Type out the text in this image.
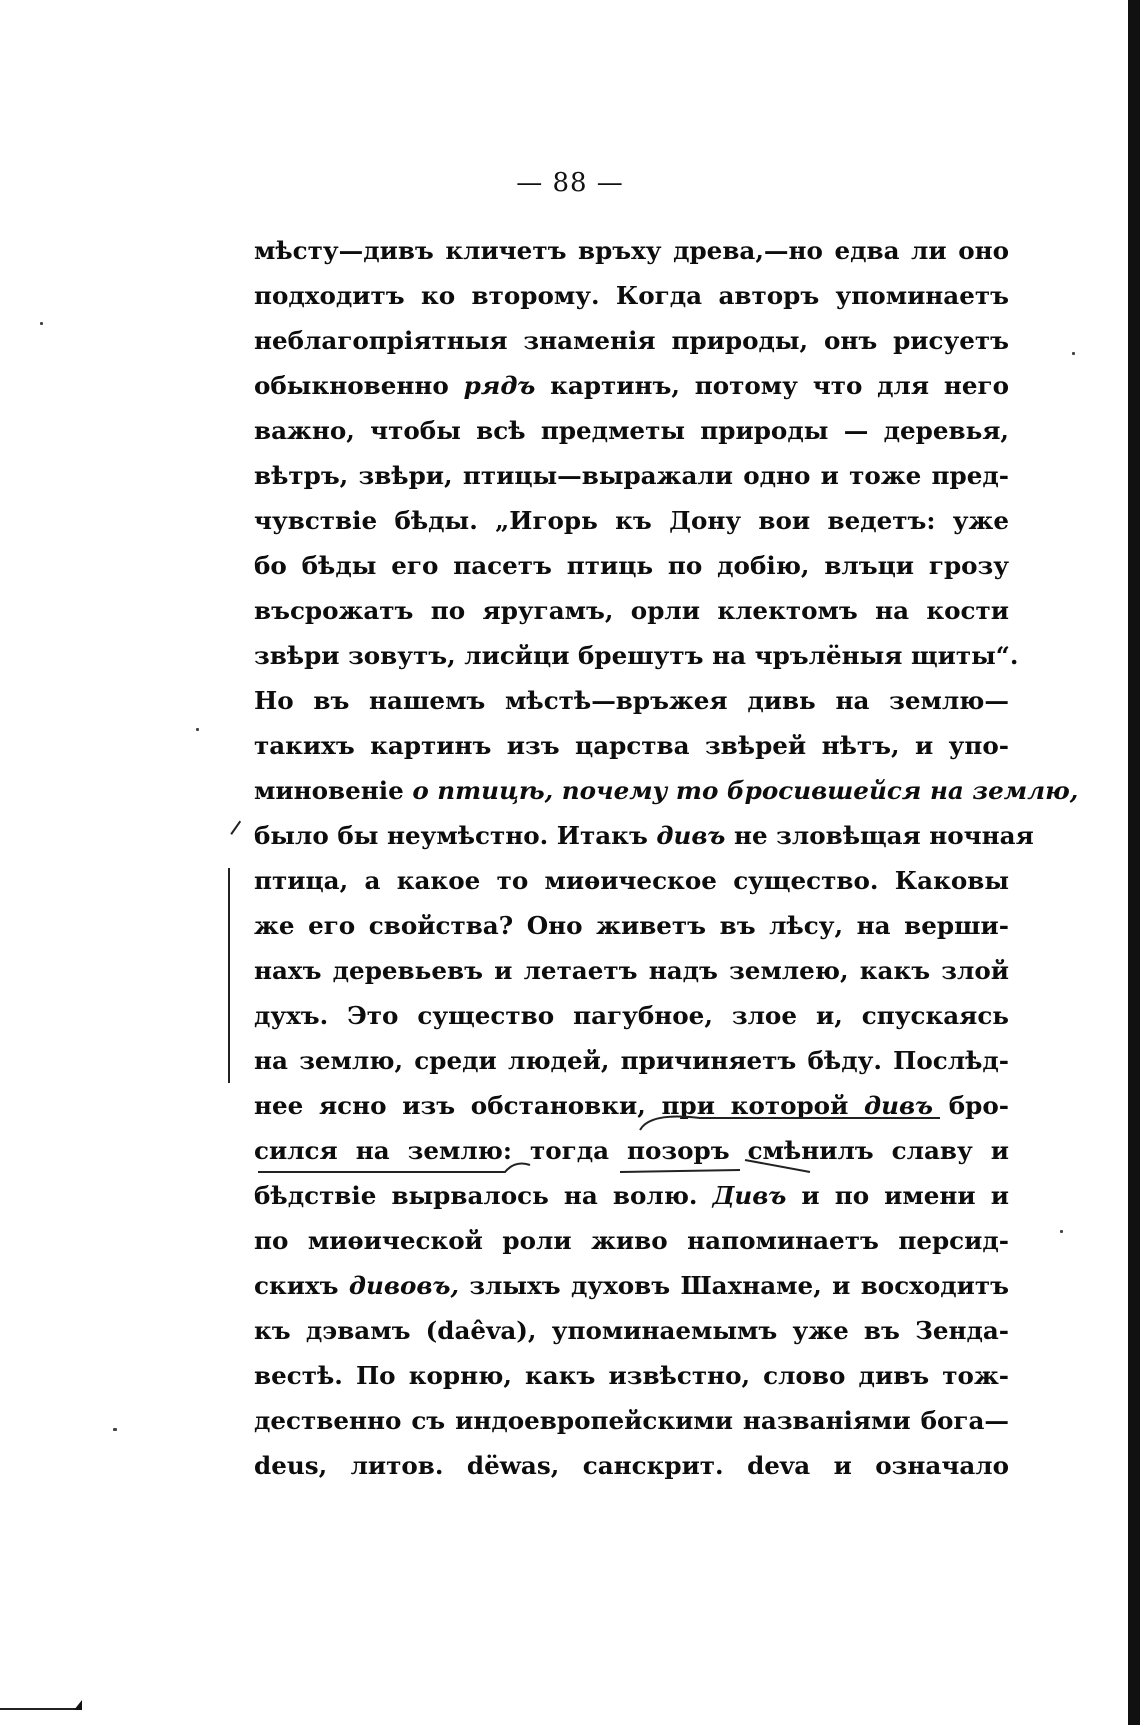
— 88 —
мѣсту—дивъ кличетъ връху древа,—но едва ли оно
подходитъ ко второму. Когда авторъ упоминаетъ
неблагопріятныя знаменія природы, онъ рисуетъ
обыкновенно рядъ картинъ, потому что для него
важно, чтобы всѣ предметы природы — деревья,
вѣтръ, звѣри, птицы—выражали одно и тоже пред-
чувствіе бѣды. „Игорь къ Дону вои ведетъ: уже
бо бѣды его пасетъ птиць по добію, влъци грозу
въсрожатъ по яругамъ, орли клектомъ на кости
звѣри зовутъ, лисйци брешутъ на чрълёныя щиты“.
Но въ нашемъ мѣстѣ—връжея дивь на землю—
такихъ картинъ изъ царства звѣрей нѣтъ, и упо-
миновеніе о птицѣ, почему то бросившейся на землю,
было бы неумѣстно. Итакъ дивъ не зловѣщая ночная
птица, а какое то миѳическое существо. Каковы
же его свойства? Оно живетъ въ лѣсу, на верши-
нахъ деревьевъ и летаетъ надъ землею, какъ злой
духъ. Это существо пагубное, злое и, спускаясь
на землю, среди людей, причиняетъ бѣду. Послѣд-
нее ясно изъ обстановки, при которой дивъ бро-
сился на землю: тогда позоръ смѣнилъ славу и
бѣдствіе вырвалось на волю. Дивъ и по имени и
по миѳической роли живо напоминаетъ персид-
скихъ дивовъ, злыхъ духовъ Шахнаме, и восходитъ
къ дэвамъ (daêva), упоминаемымъ уже въ Зенда-
вестѣ. По корню, какъ извѣстно, слово дивъ тож-
дественно съ индоевропейскими названіями бога—
deus, литов. dëwas, санскрит. deva и означало
